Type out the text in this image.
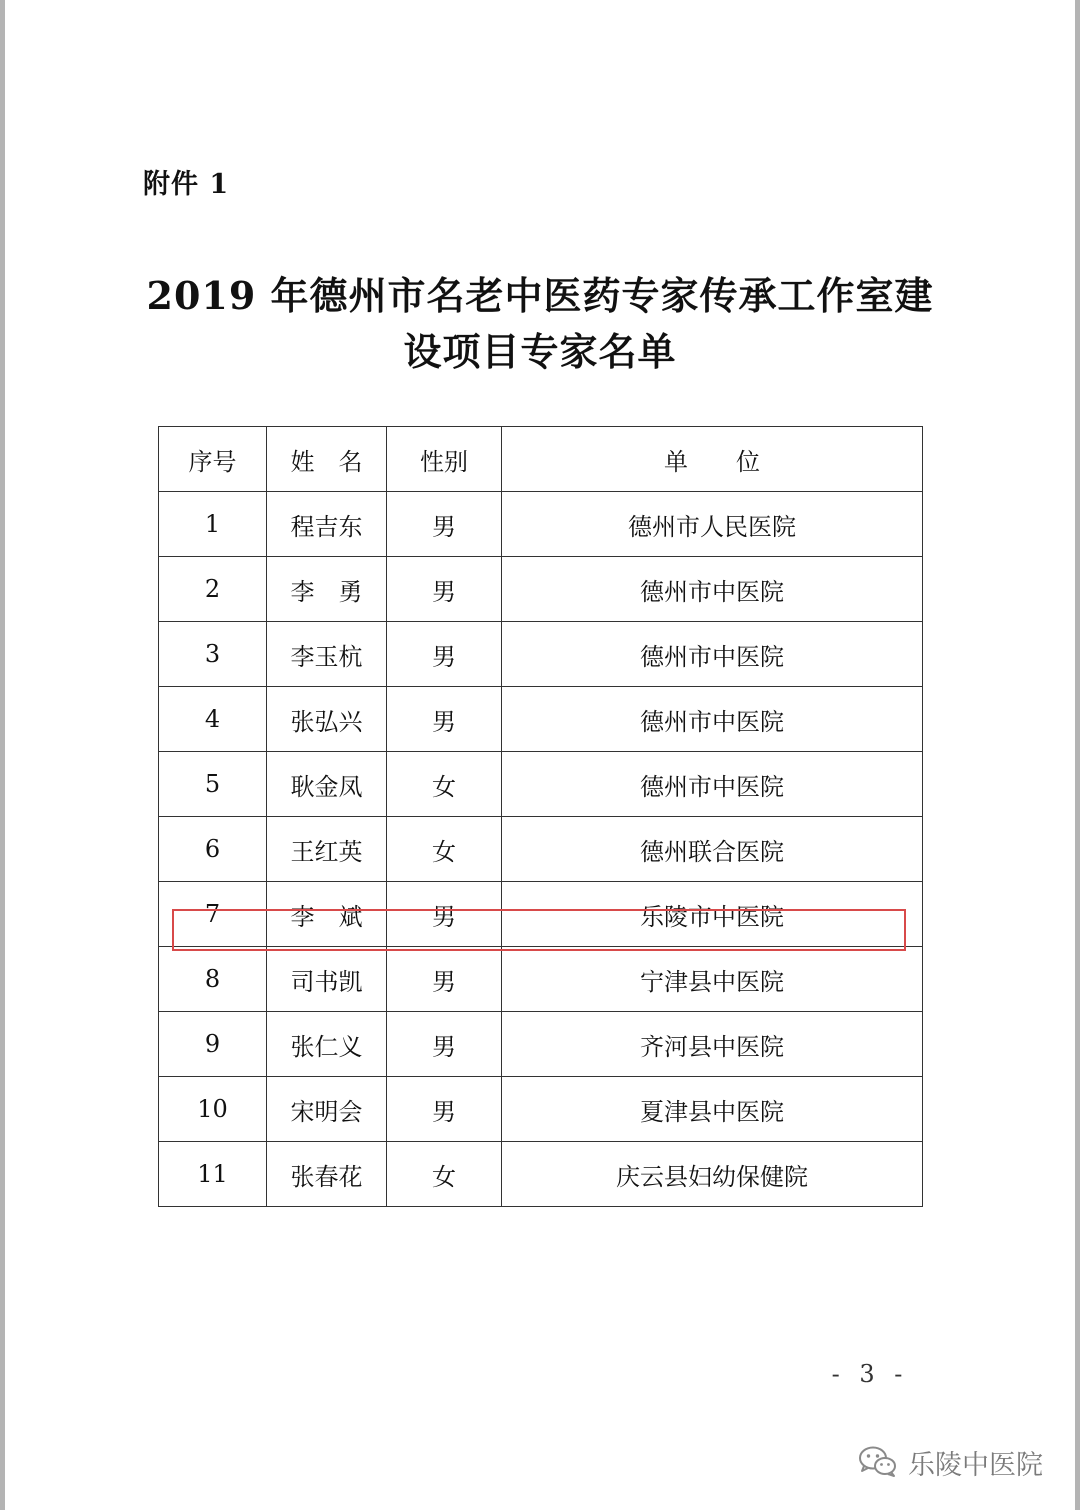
附件 1
2019 年德州市名老中医药专家传承工作室建
设项目专家名单
序号	姓　名	性别	单　　位
1	程吉东	男	德州市人民医院
2	李　勇	男	德州市中医院
3	李玉杭	男	德州市中医院
4	张弘兴	男	德州市中医院
5	耿金凤	女	德州市中医院
6	王红英	女	德州联合医院
7	李　斌	男	乐陵市中医院
8	司书凯	男	宁津县中医院
9	张仁义	男	齐河县中医院
10	宋明会	男	夏津县中医院
11	张春花	女	庆云县妇幼保健院
- 3 -
乐陵中医院
